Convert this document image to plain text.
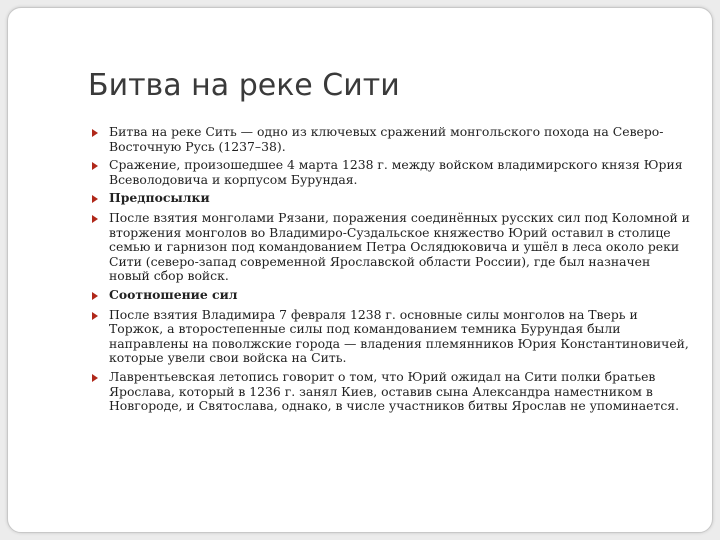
Битва на реке Сити
Битва на реке Сить — одно из ключевых сражений монгольского похода на Северо-Восточную Русь (1237–38).
Сражение, произошедшее 4 марта 1238 г. между войском владимирского князя Юрия Всеволодовича и корпусом Бурундая.
Предпосылки
После взятия монголами Рязани, поражения соединённых русских сил под Коломной и вторжения монголов во Владимиро-Суздальское княжество Юрий оставил в столице семью и гарнизон под командованием Петра Ослядюковича и ушёл в леса около реки Сити (северо-запад современной Ярославской области России), где был назначен новый сбор войск.
Соотношение сил
После взятия Владимира 7 февраля 1238 г. основные силы монголов на Тверь и Торжок, а второстепенные силы под командованием темника Бурундая были направлены на поволжские города — владения племянников Юрия Константиновичей, которые увели свои войска на Сить.
Лаврентьевская летопись говорит о том, что Юрий ожидал на Сити полки братьев Ярослава, который в 1236 г. занял Киев, оставив сына Александра наместником в Новгороде, и Святослава, однако, в числе участников битвы Ярослав не упоминается.
